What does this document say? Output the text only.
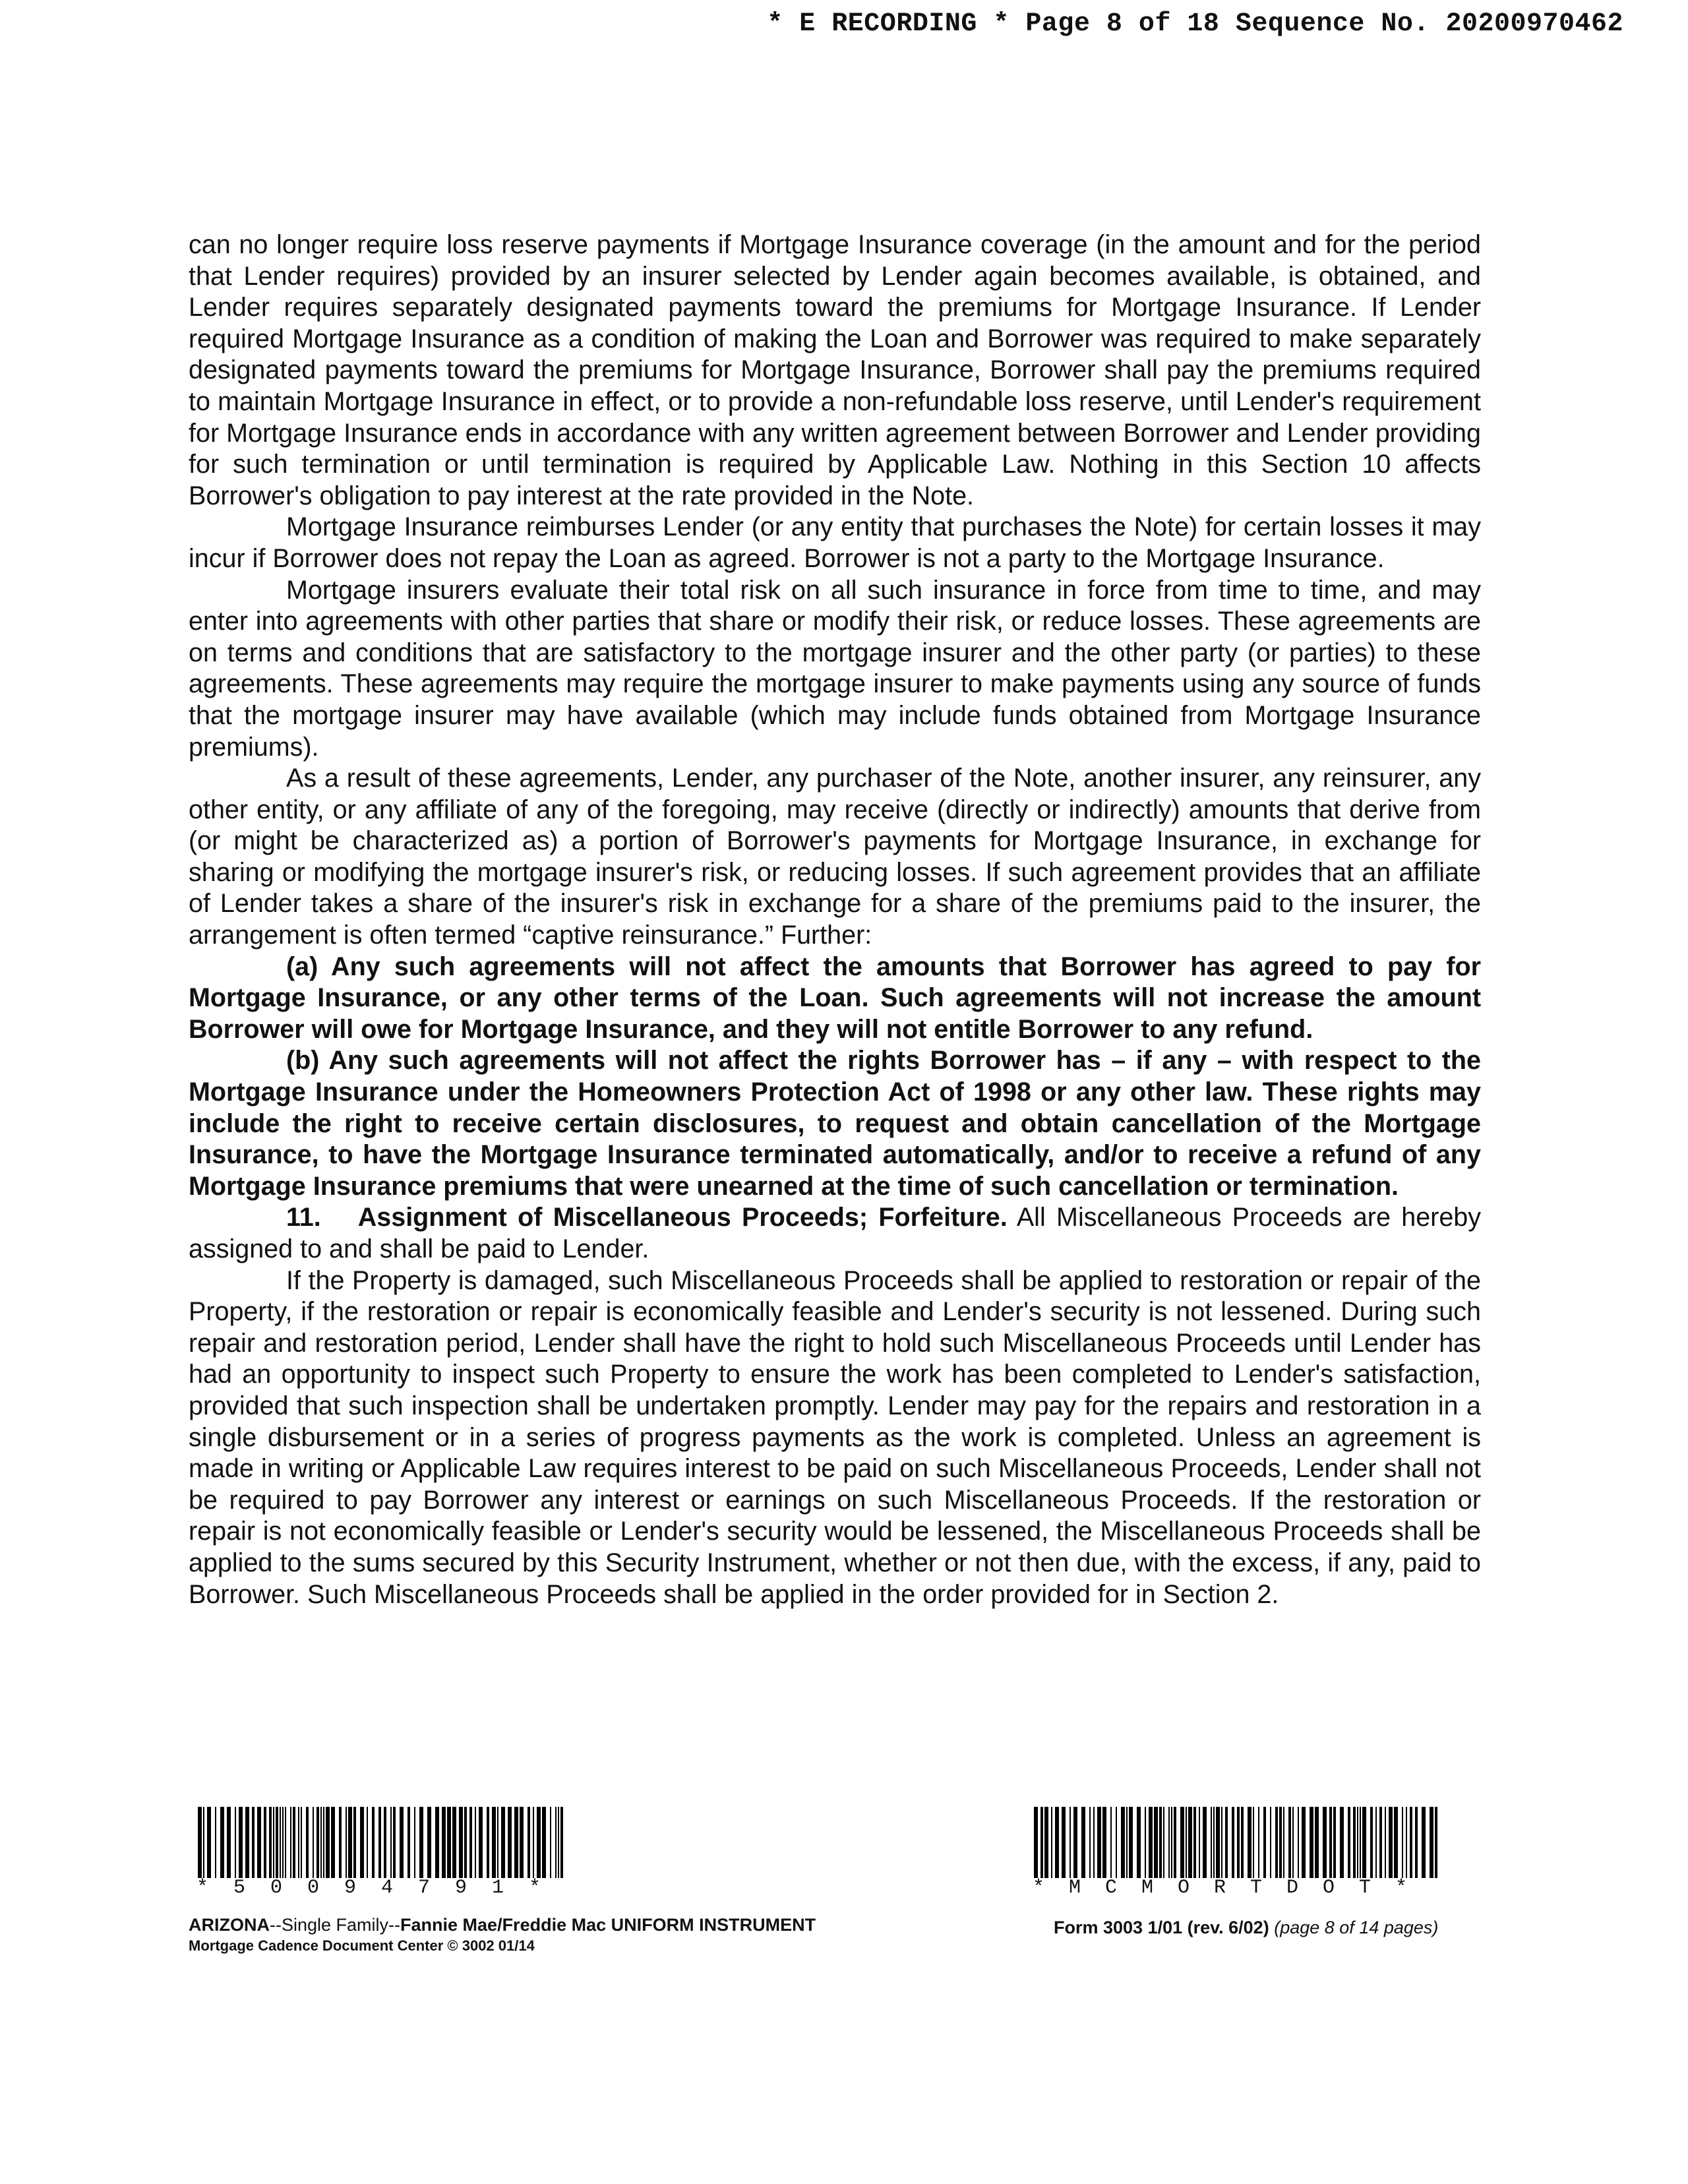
* E RECORDING * Page 8 of 18 Sequence No. 20200970462

can no longer require loss reserve payments if Mortgage Insurance coverage (in the amount and for the period that Lender requires) provided by an insurer selected by Lender again becomes available, is obtained, and Lender requires separately designated payments toward the premiums for Mortgage Insurance. If Lender required Mortgage Insurance as a condition of making the Loan and Borrower was required to make separately designated payments toward the premiums for Mortgage Insurance, Borrower shall pay the premiums required to maintain Mortgage Insurance in effect, or to provide a non-refundable loss reserve, until Lender's requirement for Mortgage Insurance ends in accordance with any written agreement between Borrower and Lender providing for such termination or until termination is required by Applicable Law. Nothing in this Section 10 affects Borrower's obligation to pay interest at the rate provided in the Note.

Mortgage Insurance reimburses Lender (or any entity that purchases the Note) for certain losses it may incur if Borrower does not repay the Loan as agreed. Borrower is not a party to the Mortgage Insurance.

Mortgage insurers evaluate their total risk on all such insurance in force from time to time, and may enter into agreements with other parties that share or modify their risk, or reduce losses. These agreements are on terms and conditions that are satisfactory to the mortgage insurer and the other party (or parties) to these agreements. These agreements may require the mortgage insurer to make payments using any source of funds that the mortgage insurer may have available (which may include funds obtained from Mortgage Insurance premiums).

As a result of these agreements, Lender, any purchaser of the Note, another insurer, any reinsurer, any other entity, or any affiliate of any of the foregoing, may receive (directly or indirectly) amounts that derive from (or might be characterized as) a portion of Borrower's payments for Mortgage Insurance, in exchange for sharing or modifying the mortgage insurer's risk, or reducing losses. If such agreement provides that an affiliate of Lender takes a share of the insurer's risk in exchange for a share of the premiums paid to the insurer, the arrangement is often termed “captive reinsurance.” Further:

(a) Any such agreements will not affect the amounts that Borrower has agreed to pay for Mortgage Insurance, or any other terms of the Loan. Such agreements will not increase the amount Borrower will owe for Mortgage Insurance, and they will not entitle Borrower to any refund.

(b) Any such agreements will not affect the rights Borrower has – if any – with respect to the Mortgage Insurance under the Homeowners Protection Act of 1998 or any other law. These rights may include the right to receive certain disclosures, to request and obtain cancellation of the Mortgage Insurance, to have the Mortgage Insurance terminated automatically, and/or to receive a refund of any Mortgage Insurance premiums that were unearned at the time of such cancellation or termination.

11. Assignment of Miscellaneous Proceeds; Forfeiture. All Miscellaneous Proceeds are hereby assigned to and shall be paid to Lender.

If the Property is damaged, such Miscellaneous Proceeds shall be applied to restoration or repair of the Property, if the restoration or repair is economically feasible and Lender's security is not lessened. During such repair and restoration period, Lender shall have the right to hold such Miscellaneous Proceeds until Lender has had an opportunity to inspect such Property to ensure the work has been completed to Lender's satisfaction, provided that such inspection shall be undertaken promptly. Lender may pay for the repairs and restoration in a single disbursement or in a series of progress payments as the work is completed. Unless an agreement is made in writing or Applicable Law requires interest to be paid on such Miscellaneous Proceeds, Lender shall not be required to pay Borrower any interest or earnings on such Miscellaneous Proceeds. If the restoration or repair is not economically feasible or Lender's security would be lessened, the Miscellaneous Proceeds shall be applied to the sums secured by this Security Instrument, whether or not then due, with the excess, if any, paid to Borrower. Such Miscellaneous Proceeds shall be applied in the order provided for in Section 2.

*50094791*	*MCMORTDOT*
ARIZONA--Single Family--Fannie Mae/Freddie Mac UNIFORM INSTRUMENT
Mortgage Cadence Document Center © 3002 01/14
Form 3003 1/01 (rev. 6/02) (page 8 of 14 pages)
